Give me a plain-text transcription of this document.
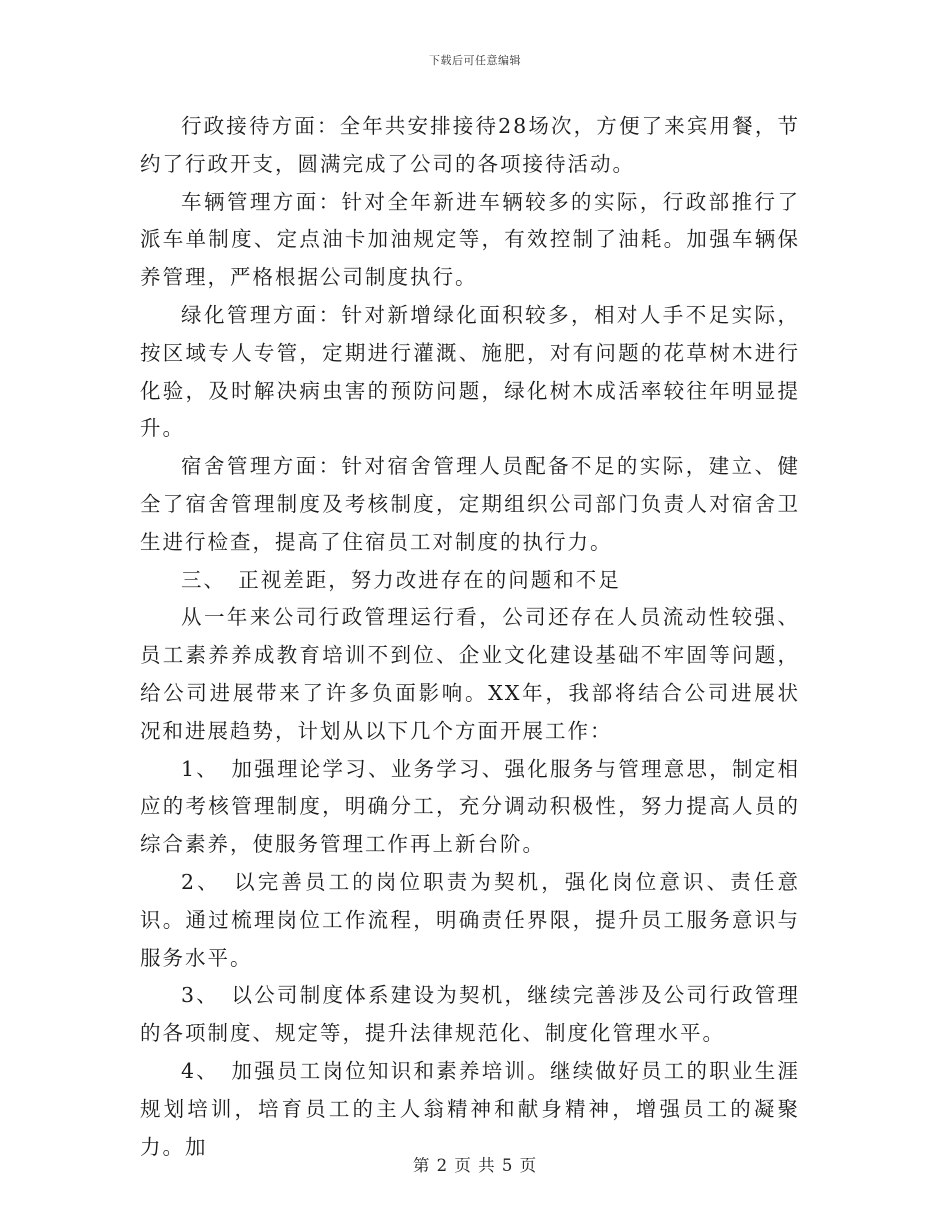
下载后可任意编辑

行政接待方面：全年共安排接待28场次，方便了来宾用餐，节约了行政开支，圆满完成了公司的各项接待活动。

车辆管理方面：针对全年新进车辆较多的实际，行政部推行了派车单制度、定点油卡加油规定等，有效控制了油耗。加强车辆保养管理，严格根据公司制度执行。

绿化管理方面：针对新增绿化面积较多，相对人手不足实际，按区域专人专管，定期进行灌溉、施肥，对有问题的花草树木进行化验，及时解决病虫害的预防问题，绿化树木成活率较往年明显提升。

宿舍管理方面：针对宿舍管理人员配备不足的实际，建立、健全了宿舍管理制度及考核制度，定期组织公司部门负责人对宿舍卫生进行检查，提高了住宿员工对制度的执行力。

三、　正视差距，努力改进存在的问题和不足

从一年来公司行政管理运行看，公司还存在人员流动性较强、员工素养养成教育培训不到位、企业文化建设基础不牢固等问题，给公司进展带来了许多负面影响。XX年，我部将结合公司进展状况和进展趋势，计划从以下几个方面开展工作：

1、　加强理论学习、业务学习、强化服务与管理意思，制定相应的考核管理制度，明确分工，充分调动积极性，努力提高人员的综合素养，使服务管理工作再上新台阶。

2、　以完善员工的岗位职责为契机，强化岗位意识、责任意识。通过梳理岗位工作流程，明确责任界限，提升员工服务意识与服务水平。

3、　以公司制度体系建设为契机，继续完善涉及公司行政管理的各项制度、规定等，提升法律规范化、制度化管理水平。

4、　加强员工岗位知识和素养培训。继续做好员工的职业生涯规划培训，培育员工的主人翁精神和献身精神，增强员工的凝聚力。加

第 2 页 共 5 页
